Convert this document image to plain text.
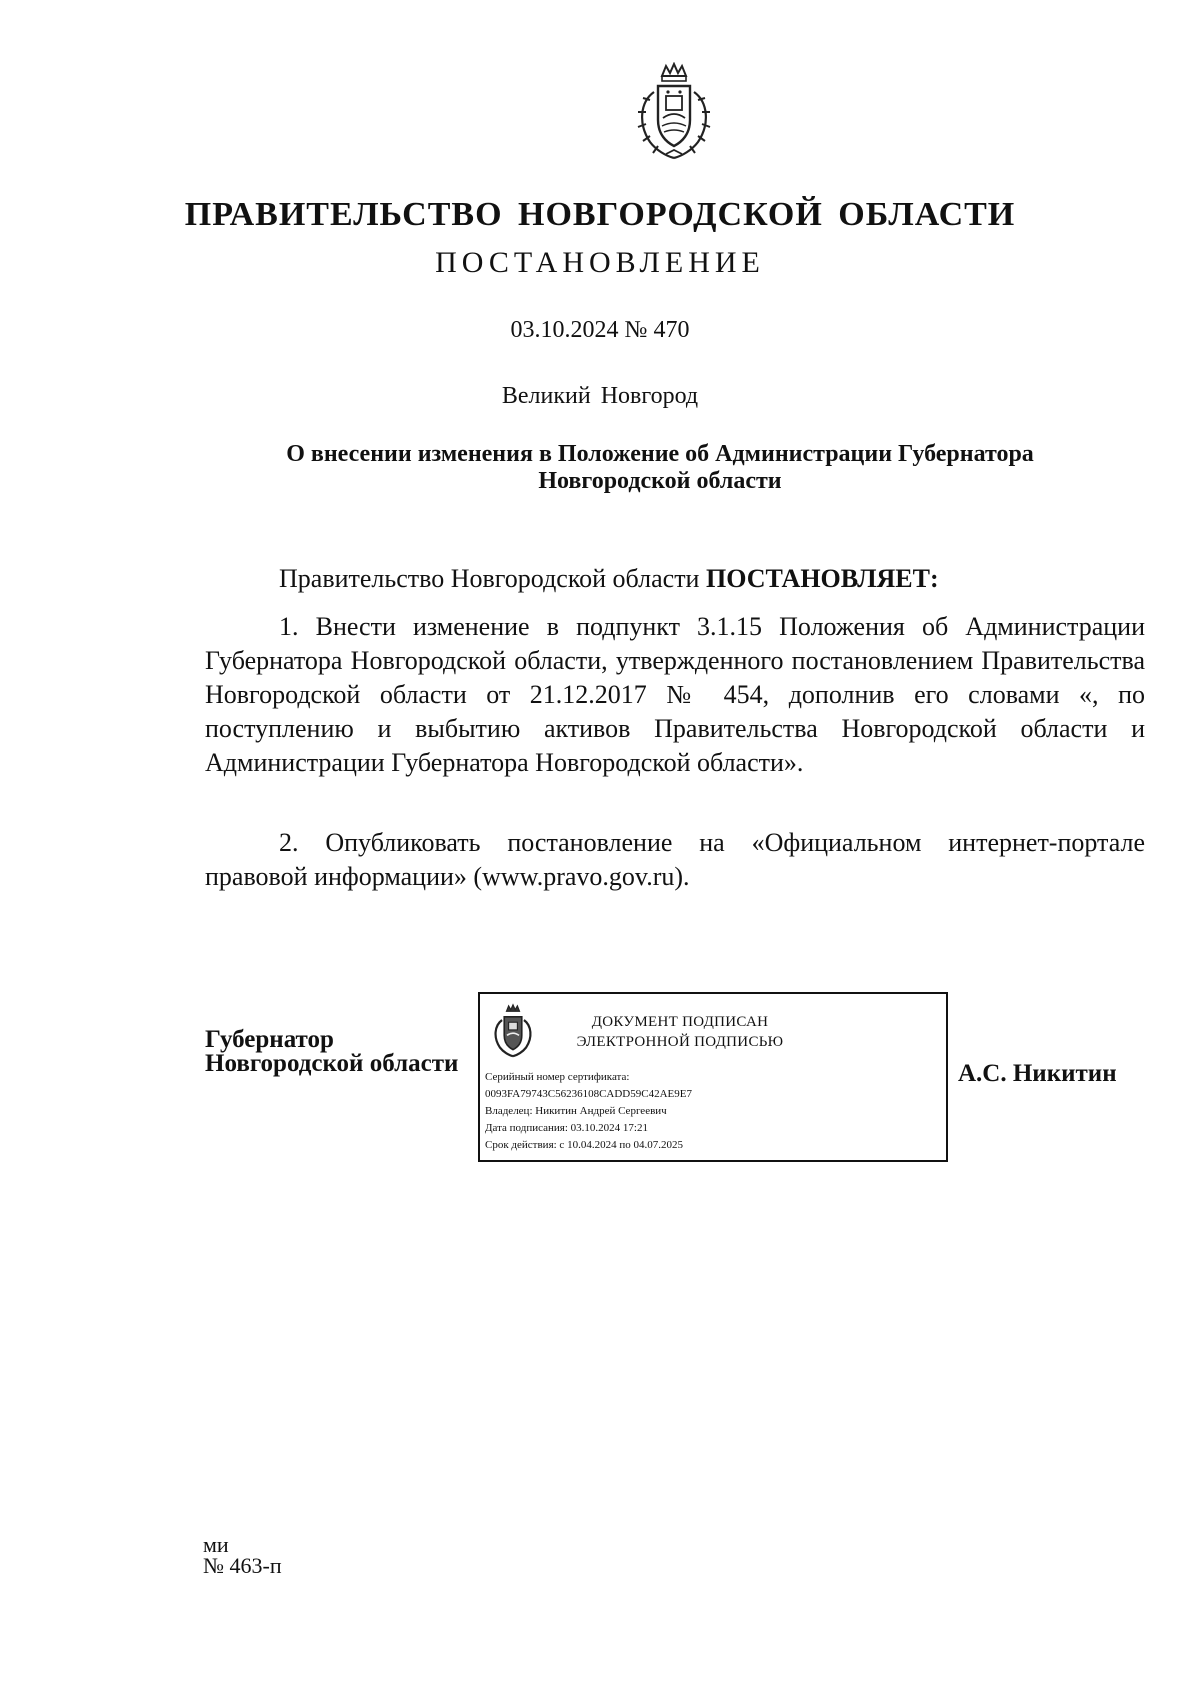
ПРАВИТЕЛЬСТВО НОВГОРОДСКОЙ ОБЛАСТИ
ПОСТАНОВЛЕНИЕ
03.10.2024 № 470
Великий Новгород
О внесении изменения в Положение об Администрации Губернатора
Новгородской области
Правительство Новгородской области ПОСТАНОВЛЯЕТ:
1. Внести изменение в подпункт 3.1.15 Положения об Администрации Губернатора Новгородской области, утвержденного постановлением Правительства Новгородской области от 21.12.2017 № 454, дополнив его словами «, по поступлению и выбытию активов Правительства Новгородской области и Администрации Губернатора Новгородской области».
2. Опубликовать постановление на «Официальном интернет-портале правовой информации» (www.pravo.gov.ru).
Губернатор
Новгородской области
ДОКУМЕНТ ПОДПИСАН
ЭЛЕКТРОННОЙ ПОДПИСЬЮ
Серийный номер сертификата:
0093FA79743C56236108CADD59C42AE9E7
Владелец: Никитин Андрей Сергеевич
Дата подписания: 03.10.2024 17:21
Срок действия: с 10.04.2024 по 04.07.2025
А.С. Никитин
ми
№ 463-п
